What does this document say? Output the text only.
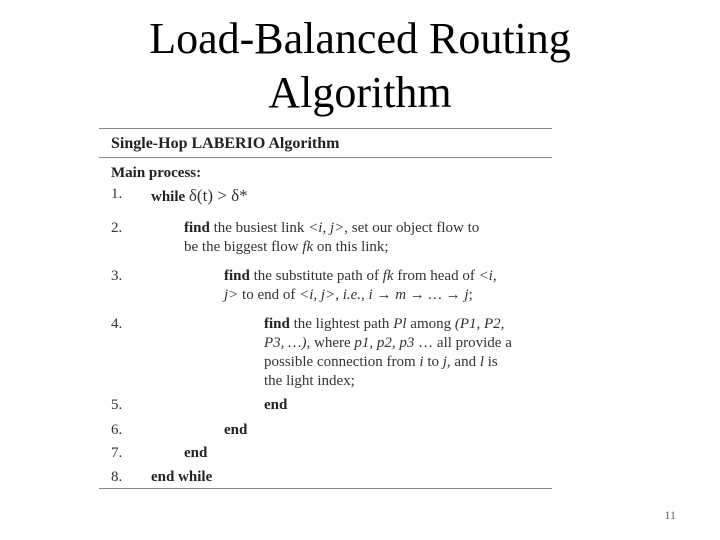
Load-Balanced Routing
Algorithm
Single-Hop LABERIO Algorithm
Main process:
1.
2.
3.
4.
5.
6.
7.
8.
while δ(t) > δ*
find the busiest link <i, j>, set our object flow to
be the biggest flow fk on this link;
find the substitute path of fk from head of <i,
j> to end of <i, j>, i.e., i → m → … → j;
find the lightest path Pl among (P1, P2,
P3, …), where p1, p2, p3 … all provide a
possible connection from i to j, and l is
the light index;
end
end
end
end while
11
